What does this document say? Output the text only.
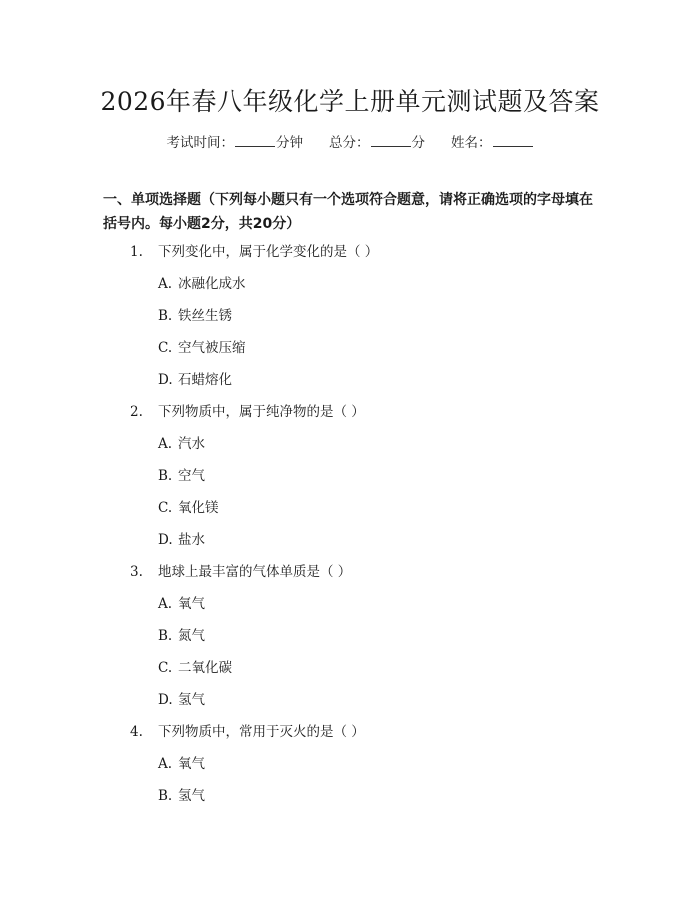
2026年春八年级化学上册单元测试题及答案
考试时间：	分钟 总分：	分 姓名：
一、单项选择题（下列每小题只有一个选项符合题意，请将正确选项的字母填在括号内。每小题2分，共20分）
1. 下列变化中，属于化学变化的是（ ）
A. 冰融化成水
B. 铁丝生锈
C. 空气被压缩
D. 石蜡熔化
2. 下列物质中，属于纯净物的是（ ）
A. 汽水
B. 空气
C. 氧化镁
D. 盐水
3. 地球上最丰富的气体单质是（ ）
A. 氧气
B. 氮气
C. 二氧化碳
D. 氢气
4. 下列物质中，常用于灭火的是（ ）
A. 氧气
B. 氢气
